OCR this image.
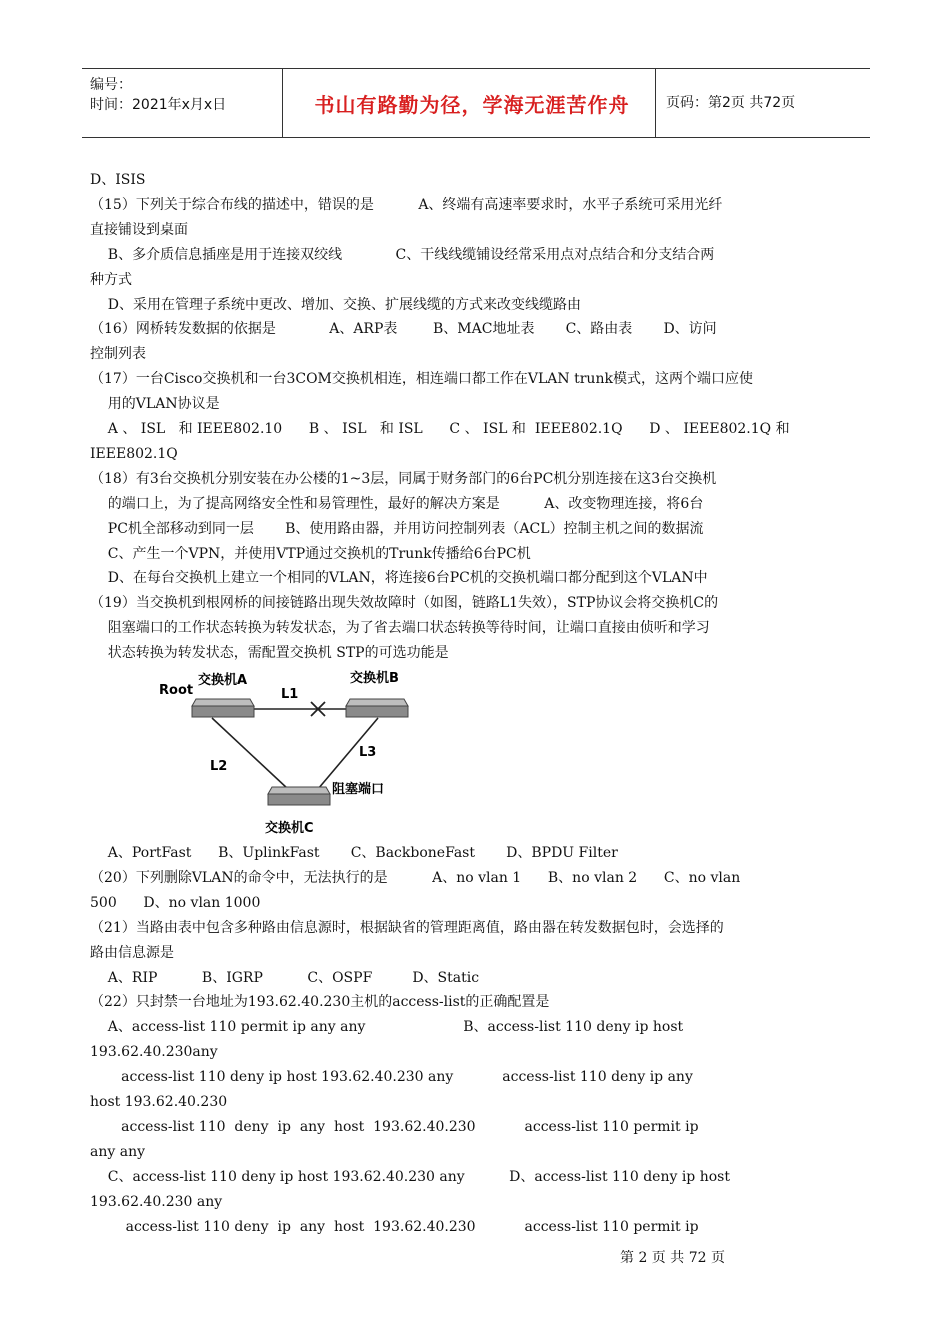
编号：
时间：2021年x月x日	书山有路勤为径，学海无涯苦作舟	页码：第2页 共72页
D、ISIS
（15）下列关于综合布线的描述中，错误的是          A、终端有高速率要求时，水平子系统可采用光纤
直接铺设到桌面
B、多介质信息插座是用于连接双绞线            C、干线线缆铺设经常采用点对点结合和分支结合两
种方式
D、采用在管理子系统中更改、增加、交换、扩展线缆的方式来改变线缆路由
（16）网桥转发数据的依据是            A、ARP表        B、MAC地址表       C、路由表       D、访问
控制列表
（17）一台Cisco交换机和一台3COM交换机相连，相连端口都工作在VLAN trunk模式，这两个端口应使
用的VLAN协议是
A 、 ISL   和 IEEE802.10      B 、 ISL   和 ISL      C 、 ISL 和  IEEE802.1Q      D 、 IEEE802.1Q 和
IEEE802.1Q
（18）有3台交换机分别安装在办公楼的1~3层，同属于财务部门的6台PC机分别连接在这3台交换机
的端口上，为了提高网络安全性和易管理性，最好的解决方案是          A、改变物理连接，将6台
PC机全部移动到同一层       B、使用路由器，并用访问控制列表（ACL）控制主机之间的数据流
C、产生一个VPN，并使用VTP通过交换机的Trunk传播给6台PC机
D、在每台交换机上建立一个相同的VLAN，将连接6台PC机的交换机端口都分配到这个VLAN中
（19）当交换机到根网桥的间接链路出现失效故障时（如图，链路L1失效），STP协议会将交换机C的
阻塞端口的工作状态转换为转发状态，为了省去端口状态转换等待时间，让端口直接由侦听和学习
状态转换为转发状态，需配置交换机 STP的可选功能是
Root
交换机A	交换机B
交换机C
L1
L2
L3
阻塞端口
A、PortFast      B、UplinkFast       C、BackboneFast       D、BPDU Filter
（20）下列删除VLAN的命令中，无法执行的是          A、no vlan 1      B、no vlan 2      C、no vlan
500      D、no vlan 1000
（21）当路由表中包含多种路由信息源时，根据缺省的管理距离值，路由器在转发数据包时，会选择的
路由信息源是
A、RIP          B、IGRP          C、OSPF         D、Static
（22）只封禁一台地址为193.62.40.230主机的access-list的正确配置是
A、access-list 110 permit ip any any                      B、access-list 110 deny ip host
193.62.40.230any
access-list 110 deny ip host 193.62.40.230 any           access-list 110 deny ip any
host 193.62.40.230
access-list 110  deny  ip  any  host  193.62.40.230           access-list 110 permit ip
any any
C、access-list 110 deny ip host 193.62.40.230 any          D、access-list 110 deny ip host
193.62.40.230 any
access-list 110 deny  ip  any  host  193.62.40.230           access-list 110 permit ip
第 2 页 共 72 页
